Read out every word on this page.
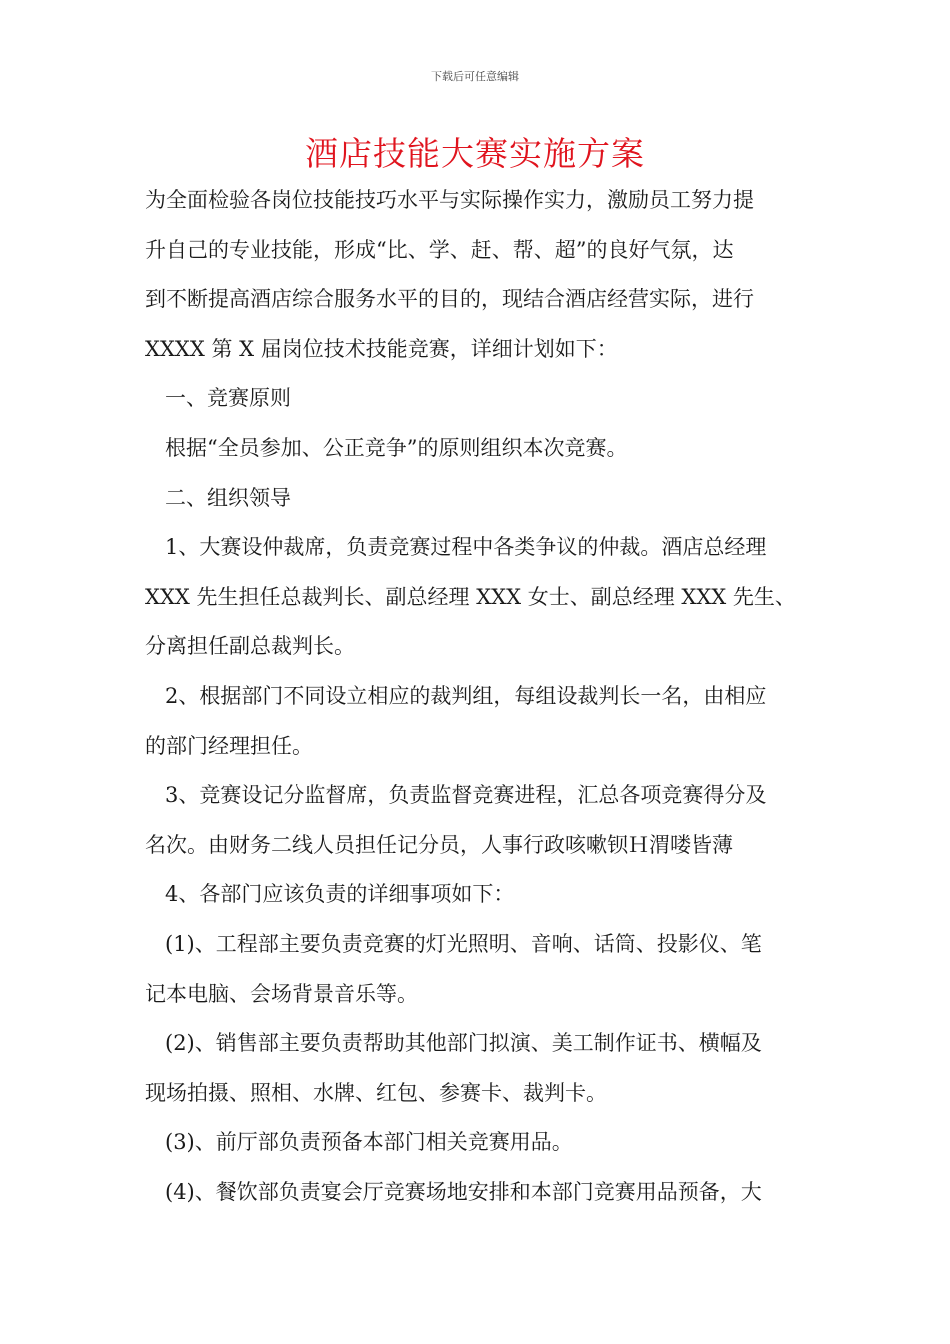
下载后可任意编辑
酒店技能大赛实施方案
为全面检验各岗位技能技巧水平与实际操作实力，激励员工努力提
升自己的专业技能，形成“比、学、赶、帮、超”的良好气氛，达
到不断提高酒店综合服务水平的目的，现结合酒店经营实际，进行
XXXX 第 X 届岗位技术技能竞赛，详细计划如下：
一、竞赛原则
根据“全员参加、公正竞争”的原则组织本次竞赛。
二、组织领导
1、大赛设仲裁席，负责竞赛过程中各类争议的仲裁。酒店总经理
XXX 先生担任总裁判长、副总经理 XXX 女士、副总经理 XXX 先生、
分离担任副总裁判长。
2、根据部门不同设立相应的裁判组，每组设裁判长一名，由相应
的部门经理担任。
3、竞赛设记分监督席，负责监督竞赛进程，汇总各项竞赛得分及
名次。由财务二线人员担任记分员，人事行政咳嗽钡Ｈ渭喽皆薄
4、各部门应该负责的详细事项如下：
(1)、工程部主要负责竞赛的灯光照明、音响、话筒、投影仪、笔
记本电脑、会场背景音乐等。
(2)、销售部主要负责帮助其他部门拟演、美工制作证书、横幅及
现场拍摄、照相、水牌、红包、参赛卡、裁判卡。
(3)、前厅部负责预备本部门相关竞赛用品。
(4)、餐饮部负责宴会厅竞赛场地安排和本部门竞赛用品预备，大
